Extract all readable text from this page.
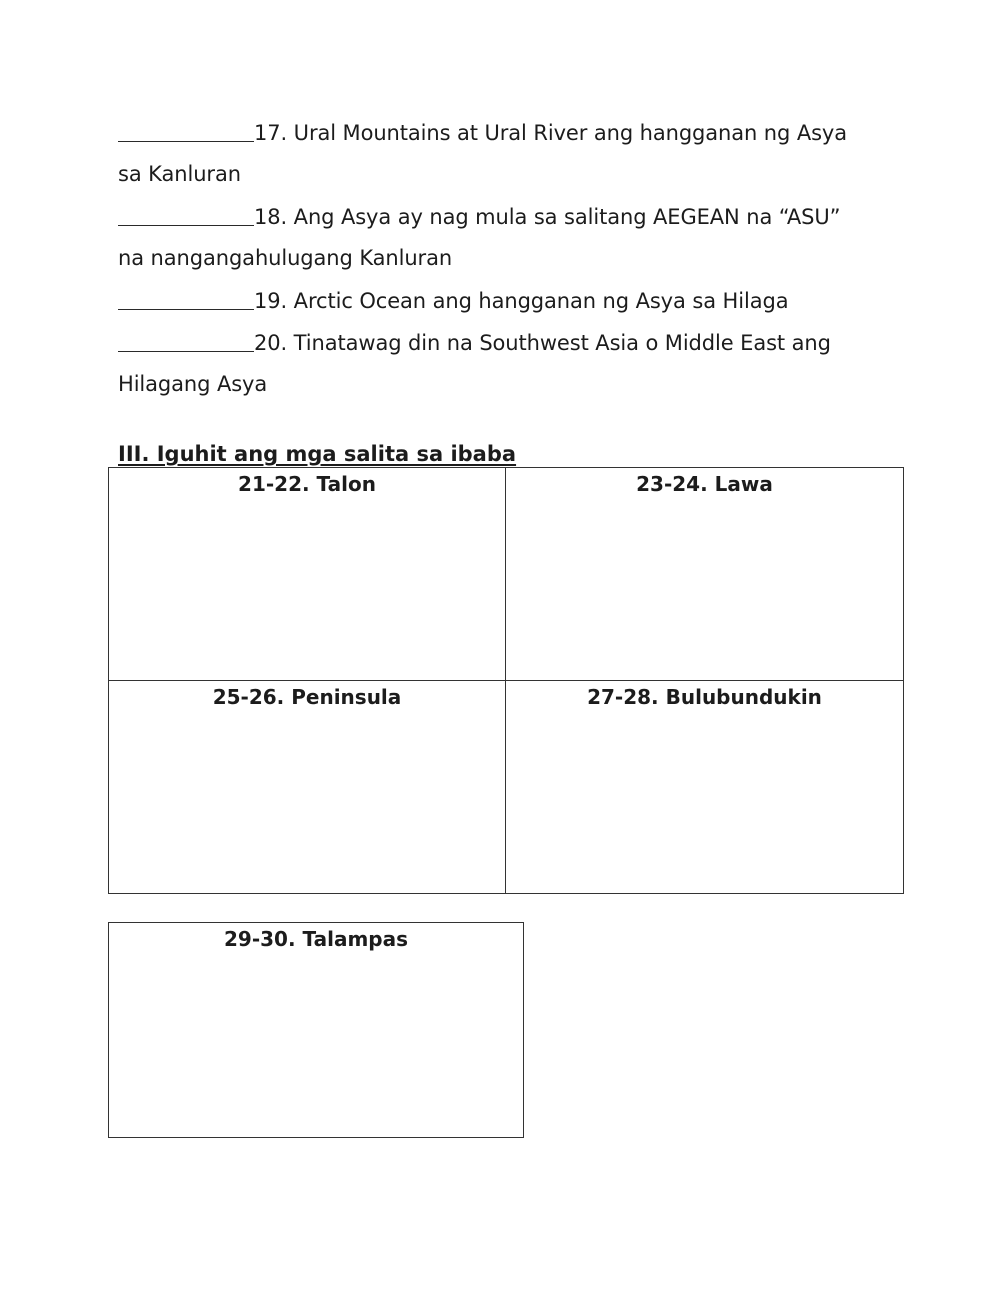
17. Ural Mountains at Ural River ang hangganan ng Asya
sa Kanluran
18. Ang Asya ay nag mula sa salitang AEGEAN na “ASU”
na nangangahulugang Kanluran
19. Arctic Ocean ang hangganan ng Asya sa Hilaga
20. Tinatawag din na Southwest Asia o Middle East ang
Hilagang Asya
III. Iguhit ang mga salita sa ibaba
21-22. Talon	23-24. Lawa
25-26. Peninsula	27-28. Bulubundukin
29-30. Talampas
